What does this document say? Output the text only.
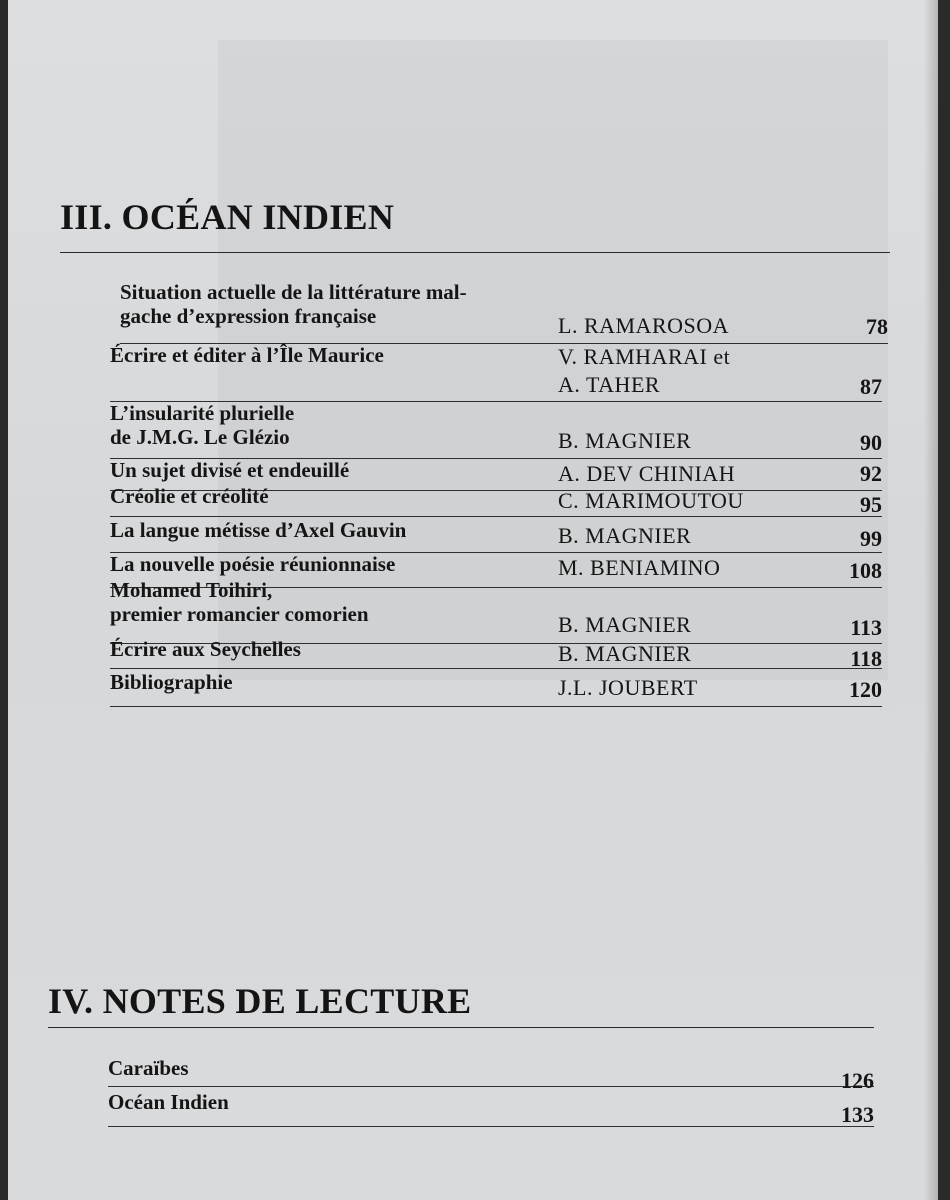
III. OCÉAN INDIEN
Situation actuelle de la littérature mal-
gache d’expression française	L. RAMAROSOA	78
Écrire et éditer à l’Île Maurice	V. RAMHARAI et
A. TAHER	87
L’insularité plurielle
de J.M.G. Le Glézio	B. MAGNIER	90
Un sujet divisé et endeuillé	A. DEV CHINIAH	92
Créolie et créolité	C. MARIMOUTOU	95
La langue métisse d’Axel Gauvin	B. MAGNIER	99
La nouvelle poésie réunionnaise	M. BENIAMINO	108
Mohamed Toihiri,
premier romancier comorien	B. MAGNIER	113
Écrire aux Seychelles	B. MAGNIER	118
Bibliographie	J.L. JOUBERT	120
IV. NOTES DE LECTURE
Caraïbes	126
Océan Indien	133
